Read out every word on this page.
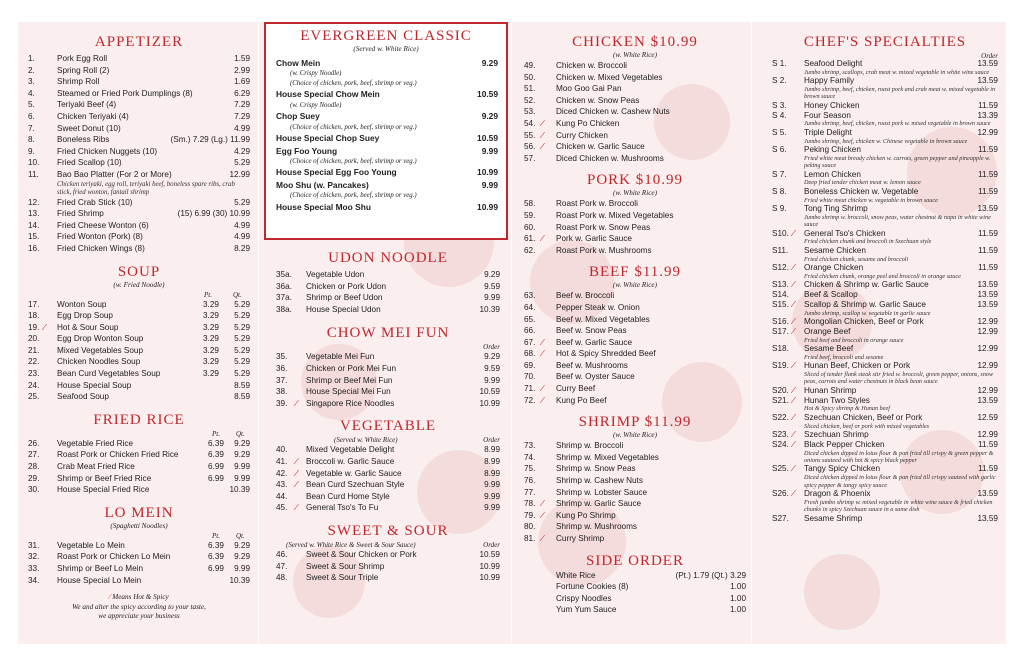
APPETIZER
1.	Pork Egg Roll	1.59
2.	Spring Roll (2)	2.99
3.	Shrimp Roll	1.69
4.	Steamed or Fried Pork Dumplings (8)	6.29
5.	Teriyaki Beef (4)	7.29
6.	Chicken Teriyaki (4)	7.29
7.	Sweet Donut (10)	4.99
8.	Boneless Ribs	(Sm.) 7.29 (Lg.) 11.99
9.	Fried Chicken Nuggets (10)	4.29
10. Fried Scallop (10)	5.29
11. Bao Bao Platter (For 2 or More)	12.99
Chicken teriyaki, egg roll, teriyaki beef, boneless spare ribs, crab stick, fried wonton, fantail shrimp
12. Fried Crab Stick (10)	5.29
13. Fried Shrimp	(15) 6.99 (30) 10.99
14. Fried Cheese Wonton (6)	4.99
15. Fried Wonton (Pork) (8)	4.99
16. Fried Chicken Wings (8)	8.29
SOUP
(w. Fried Noodle)
Pt.	Qt.
17. Wonton Soup	3.29 5.29
18. Egg Drop Soup	3.29 5.29
19. ⁄ Hot & Sour Soup	3.29 5.29
20. Egg Drop Wonton Soup	3.29 5.29
21. Mixed Vegetables Soup	3.29 5.29
22. Chicken Noodles Soup	3.29 5.29
23. Bean Curd Vegetables Soup	3.29 5.29
24. House Special Soup	8.59
25. Seafood Soup	8.59
FRIED RICE
Pt. Qt.
26. Vegetable Fried Rice	6.39 9.29
27. Roast Pork or Chicken Fried Rice	6.39 9.29
28. Crab Meat Fried Rice	6.99 9.99
29. Shrimp or Beef Fried Rice	6.99 9.99
30. House Special Fried Rice	10.39
LO MEIN
(Spaghetti Noodles)
Pt. Qt.
31. Vegetable Lo Mein	6.39 9.29
32. Roast Pork or Chicken Lo Mein	6.39 9.29
33. Shrimp or Beef Lo Mein	6.99 9.99
34. House Special Lo Mein	10.39
⁄ Means Hot & Spicy
We and alter the spicy according to your taste,
we appreciate your business
EVERGREEN CLASSIC
(Served w. White Rice)
Chow Mein	9.29
(w. Crispy Noodle)
(Choice of chicken, pork, beef, shrimp or veg.)
House Special Chow Mein	10.59
(w. Crispy Noodle)
Chop Suey	9.29
(Choice of chicken, pork, beef, shrimp or veg.)
House Special Chop Suey	10.59
Egg Foo Young	9.99
(Choice of chicken, pork, beef, shrimp or veg.)
House Special Egg Foo Young	10.99
Moo Shu (w. Pancakes)	9.99
(Choice of chicken, pork, beef, shrimp or veg.)
House Special Moo Shu	10.99
UDON NOODLE
35a. Vegetable Udon	9.29
36a. Chicken or Pork Udon	9.59
37a. Shrimp or Beef Udon	9.99
38a. House Special Udon	10.39
CHOW MEI FUN
Order
35. Vegetable Mei Fun	9.29
36. Chicken or Pork Mei Fun	9.59
37. Shrimp or Beef Mei Fun	9.99
38. House Special Mei Fun	10.59
39. ⁄ Singapore Rice Noodles	10.99
VEGETABLE
(Served w. White Rice)	Order
40. Mixed Vegetable Delight	8.99
41. ⁄ Broccoli w. Garlic Sauce	8.99
42. ⁄ Vegetable w. Garlic Sauce	8.99
43. ⁄ Bean Curd Szechuan Style	9.99
44. Bean Curd Home Style	9.99
45. ⁄ General Tso's To Fu	9.99
SWEET & SOUR
(Served w. White Rice & Sweet & Sour Sauce)	Order
46. Sweet & Sour Chicken or Pork	10.59
47. Sweet & Sour Shrimp	10.99
48. Sweet & Sour Triple	10.99
CHICKEN $10.99
(w. White Rice)
49.	Chicken w. Broccoli
50.	Chicken w. Mixed Vegetables
51.	Moo Goo Gai Pan
52.	Chicken w. Snow Peas
53.	Diced Chicken w. Cashew Nuts
54. ⁄ Kung Po Chicken
55. ⁄ Curry Chicken
56. ⁄ Chicken w. Garlic Sauce
57.	Diced Chicken w. Mushrooms
PORK $10.99
(w. White Rice)
58.	Roast Pork w. Broccoli
59.	Roast Pork w. Mixed Vegetables
60.	Roast Pork w. Snow Peas
61. ⁄ Pork w. Garlic Sauce
62.	Roast Pork w. Mushrooms
BEEF $11.99
(w. White Rice)
63.	Beef w. Broccoli
64.	Pepper Steak w. Onion
65.	Beef w. Mixed Vegetables
66.	Beef w. Snow Peas
67. ⁄ Beef w. Garlic Sauce
68. ⁄ Hot & Spicy Shredded Beef
69.	Beef w. Mushrooms
70.	Beef w. Oyster Sauce
71. ⁄ Curry Beef
72. ⁄ Kung Po Beef
SHRIMP $11.99
(w. White Rice)
73.	Shrimp w. Broccoli
74.	Shrimp w. Mixed Vegetables
75.	Shrimp w. Snow Peas
76.	Shrimp w. Cashew Nuts
77.	Shrimp w. Lobster Sauce
78. ⁄ Shrimp w. Garlic Sauce
79. ⁄ Kung Po Shrimp
80.	Shrimp w. Mushrooms
81. ⁄ Curry Shrimp
SIDE ORDER
White Rice	(Pt.) 1.79 (Qt.) 3.29
Fortune Cookies (8)	1.00
Crispy Noodles	1.00
Yum Yum Sauce	1.00
CHEF'S SPECIALTIES
Order
S 1. Seafood Delight	13.59
Jumbo shrimp, scallops, crab meat w. mixed vegetable in white wine sauce
S 2. Happy Family	13.59
Jumbo shrimp, beef, chicken, roast pork and crab meat w. mixed vegetable in brown sauce
S 3. Honey Chicken	11.59
S 4. Four Season	13.39
Jumbo shrimp, beef, chicken, roast pork w. mixed vegetable in brown sauce
S 5. Triple Delight	12.99
Jumbo shrimp, beef, chicken w. Chinese vegetable in brown sauce
S 6. Peking Chicken	11.59
Fried white meat bready chicken w. carrots, green pepper and pineapple w. peking sauce
S 7. Lemon Chicken	11.59
Deep fried tender chicken meat w. lemon sauce
S 8. Boneless Chicken w. Vegetable	11.59
Fried white meat chicken w. vegetable in brown sauce
S 9. Tong Ting Shrimp	13.59
Jumbo shrimp w. broccoli, snow peas, water chestnut & napa in white wine sauce
S10. ⁄ General Tso's Chicken	11.59
Fried chicken chunk and broccoli in Szechuan style
S11. Sesame Chicken	11.59
Fried chicken chunk, sesame and broccoli
S12. ⁄ Orange Chicken	11.59
Fried chicken chunk, orange peel and broccoli in orange sauce
S13. ⁄ Chicken & Shrimp w. Garlic Sauce	13.59
S14. Beef & Scallop	13.59
S15. ⁄ Scallop & Shrimp w. Garlic Sauce	13.59
Jumbo shrimp, scallop w. vegetable in garlic sauce
S16. ⁄ Mongolian Chicken, Beef or Pork	12.99
S17. ⁄ Orange Beef	12.99
Fried beef and broccoli in orange sauce
S18. Sesame Beef	12.99
Fried beef, broccoli and sesame
S19. ⁄ Hunan Beef, Chicken or Pork	12.99
Sliced of tender flank steak stir fried w. broccoli, green pepper, onions, snow peas, carrots and water chestnuts in black bean sauce
S20. ⁄ Hunan Shrimp	12.99
S21. ⁄ Hunan Two Styles	13.59
Hot & Spicy shrimp & Hunan beef
S22. ⁄ Szechuan Chicken, Beef or Pork	12.59
Sliced chicken, beef or pork with mixed vegetables
S23. ⁄ Szechuan Shrimp	12.99
S24. ⁄ Black Pepper Chicken	11.59
Diced chicken dipped in lotus flour & pan fried till crispy & green pepper & onions sauteed with hot & spicy black pepper
S25. ⁄ Tangy Spicy Chicken	11.59
Diced chicken dipped in lotus flour & pan fried till crispy sauteed with garlic spicy pepper & tangy spicy sauce
S26. ⁄ Dragon & Phoenix	13.59
Fresh jumbo shrimp w. mixed vegetable in white wine sauce & fried chicken chunks in spicy Szechuan sauce in a same dish
S27. Sesame Shrimp	13.59
